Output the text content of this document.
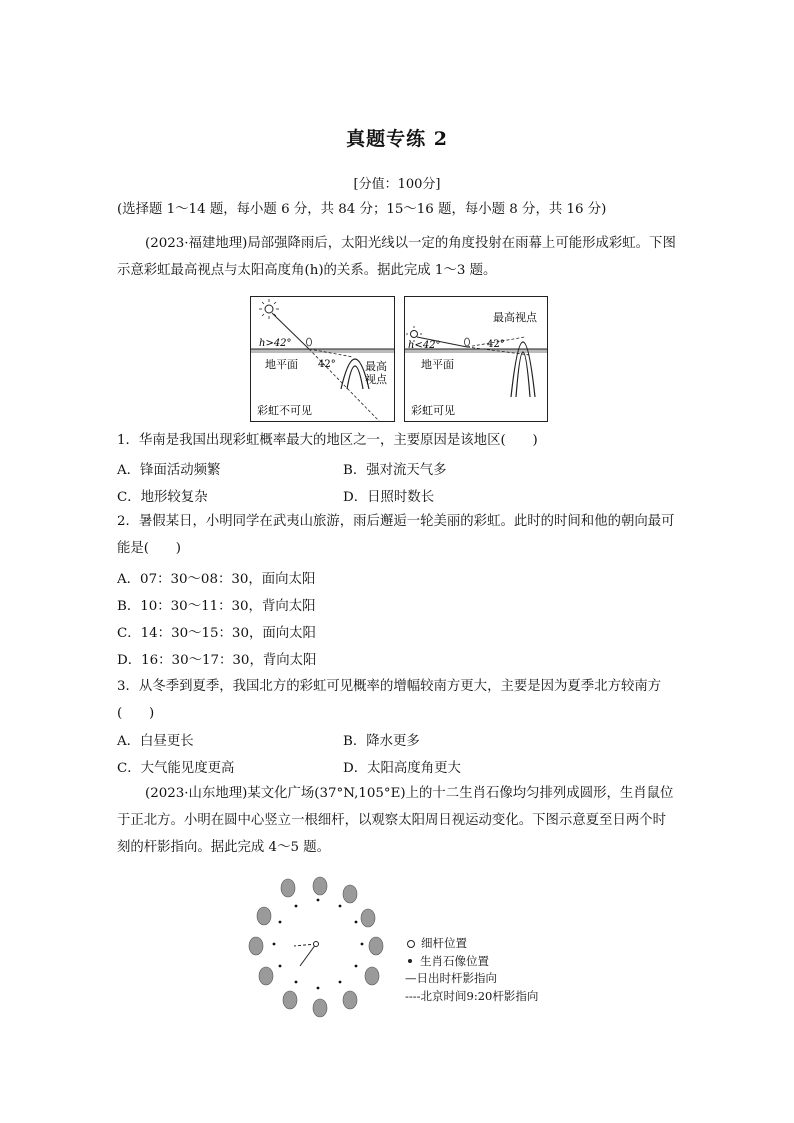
真题专练 2
[分值：100分]
(选择题 1～14 题，每小题 6 分，共 84 分；15～16 题，每小题 8 分，共 16 分)
(2023·福建地理)局部强降雨后，太阳光线以一定的角度投射在雨幕上可能形成彩虹。下图示意彩虹最高视点与太阳高度角(h)的关系。据此完成 1～3 题。
h>42°
42°
地平面	最高
视点
彩虹不可见
最高视点
h<42°	42°
地平面
彩虹可见
1．华南是我国出现彩虹概率最大的地区之一，主要原因是该地区(　　)
A．锋面活动频繁	B．强对流天气多
C．地形较复杂	D．日照时数长
2．暑假某日，小明同学在武夷山旅游，雨后邂逅一轮美丽的彩虹。此时的时间和他的朝向最可能是(　　)
A．07：30～08：30，面向太阳
B．10：30～11：30，背向太阳
C．14：30～15：30，面向太阳
D．16：30～17：30，背向太阳
3．从冬季到夏季，我国北方的彩虹可见概率的增幅较南方更大，主要是因为夏季北方较南方
(　　)
A．白昼更长	B．降水更多
C．大气能见度更高	D．太阳高度角更大
(2023·山东地理)某文化广场(37°N,105°E)上的十二生肖石像均匀排列成圆形，生肖鼠位于正北方。小明在圆中心竖立一根细杆，以观察太阳周日视运动变化。下图示意夏至日两个时刻的杆影指向。据此完成 4～5 题。
细杆位置
生肖石像位置
—日出时杆影指向
----北京时间9:20杆影指向
